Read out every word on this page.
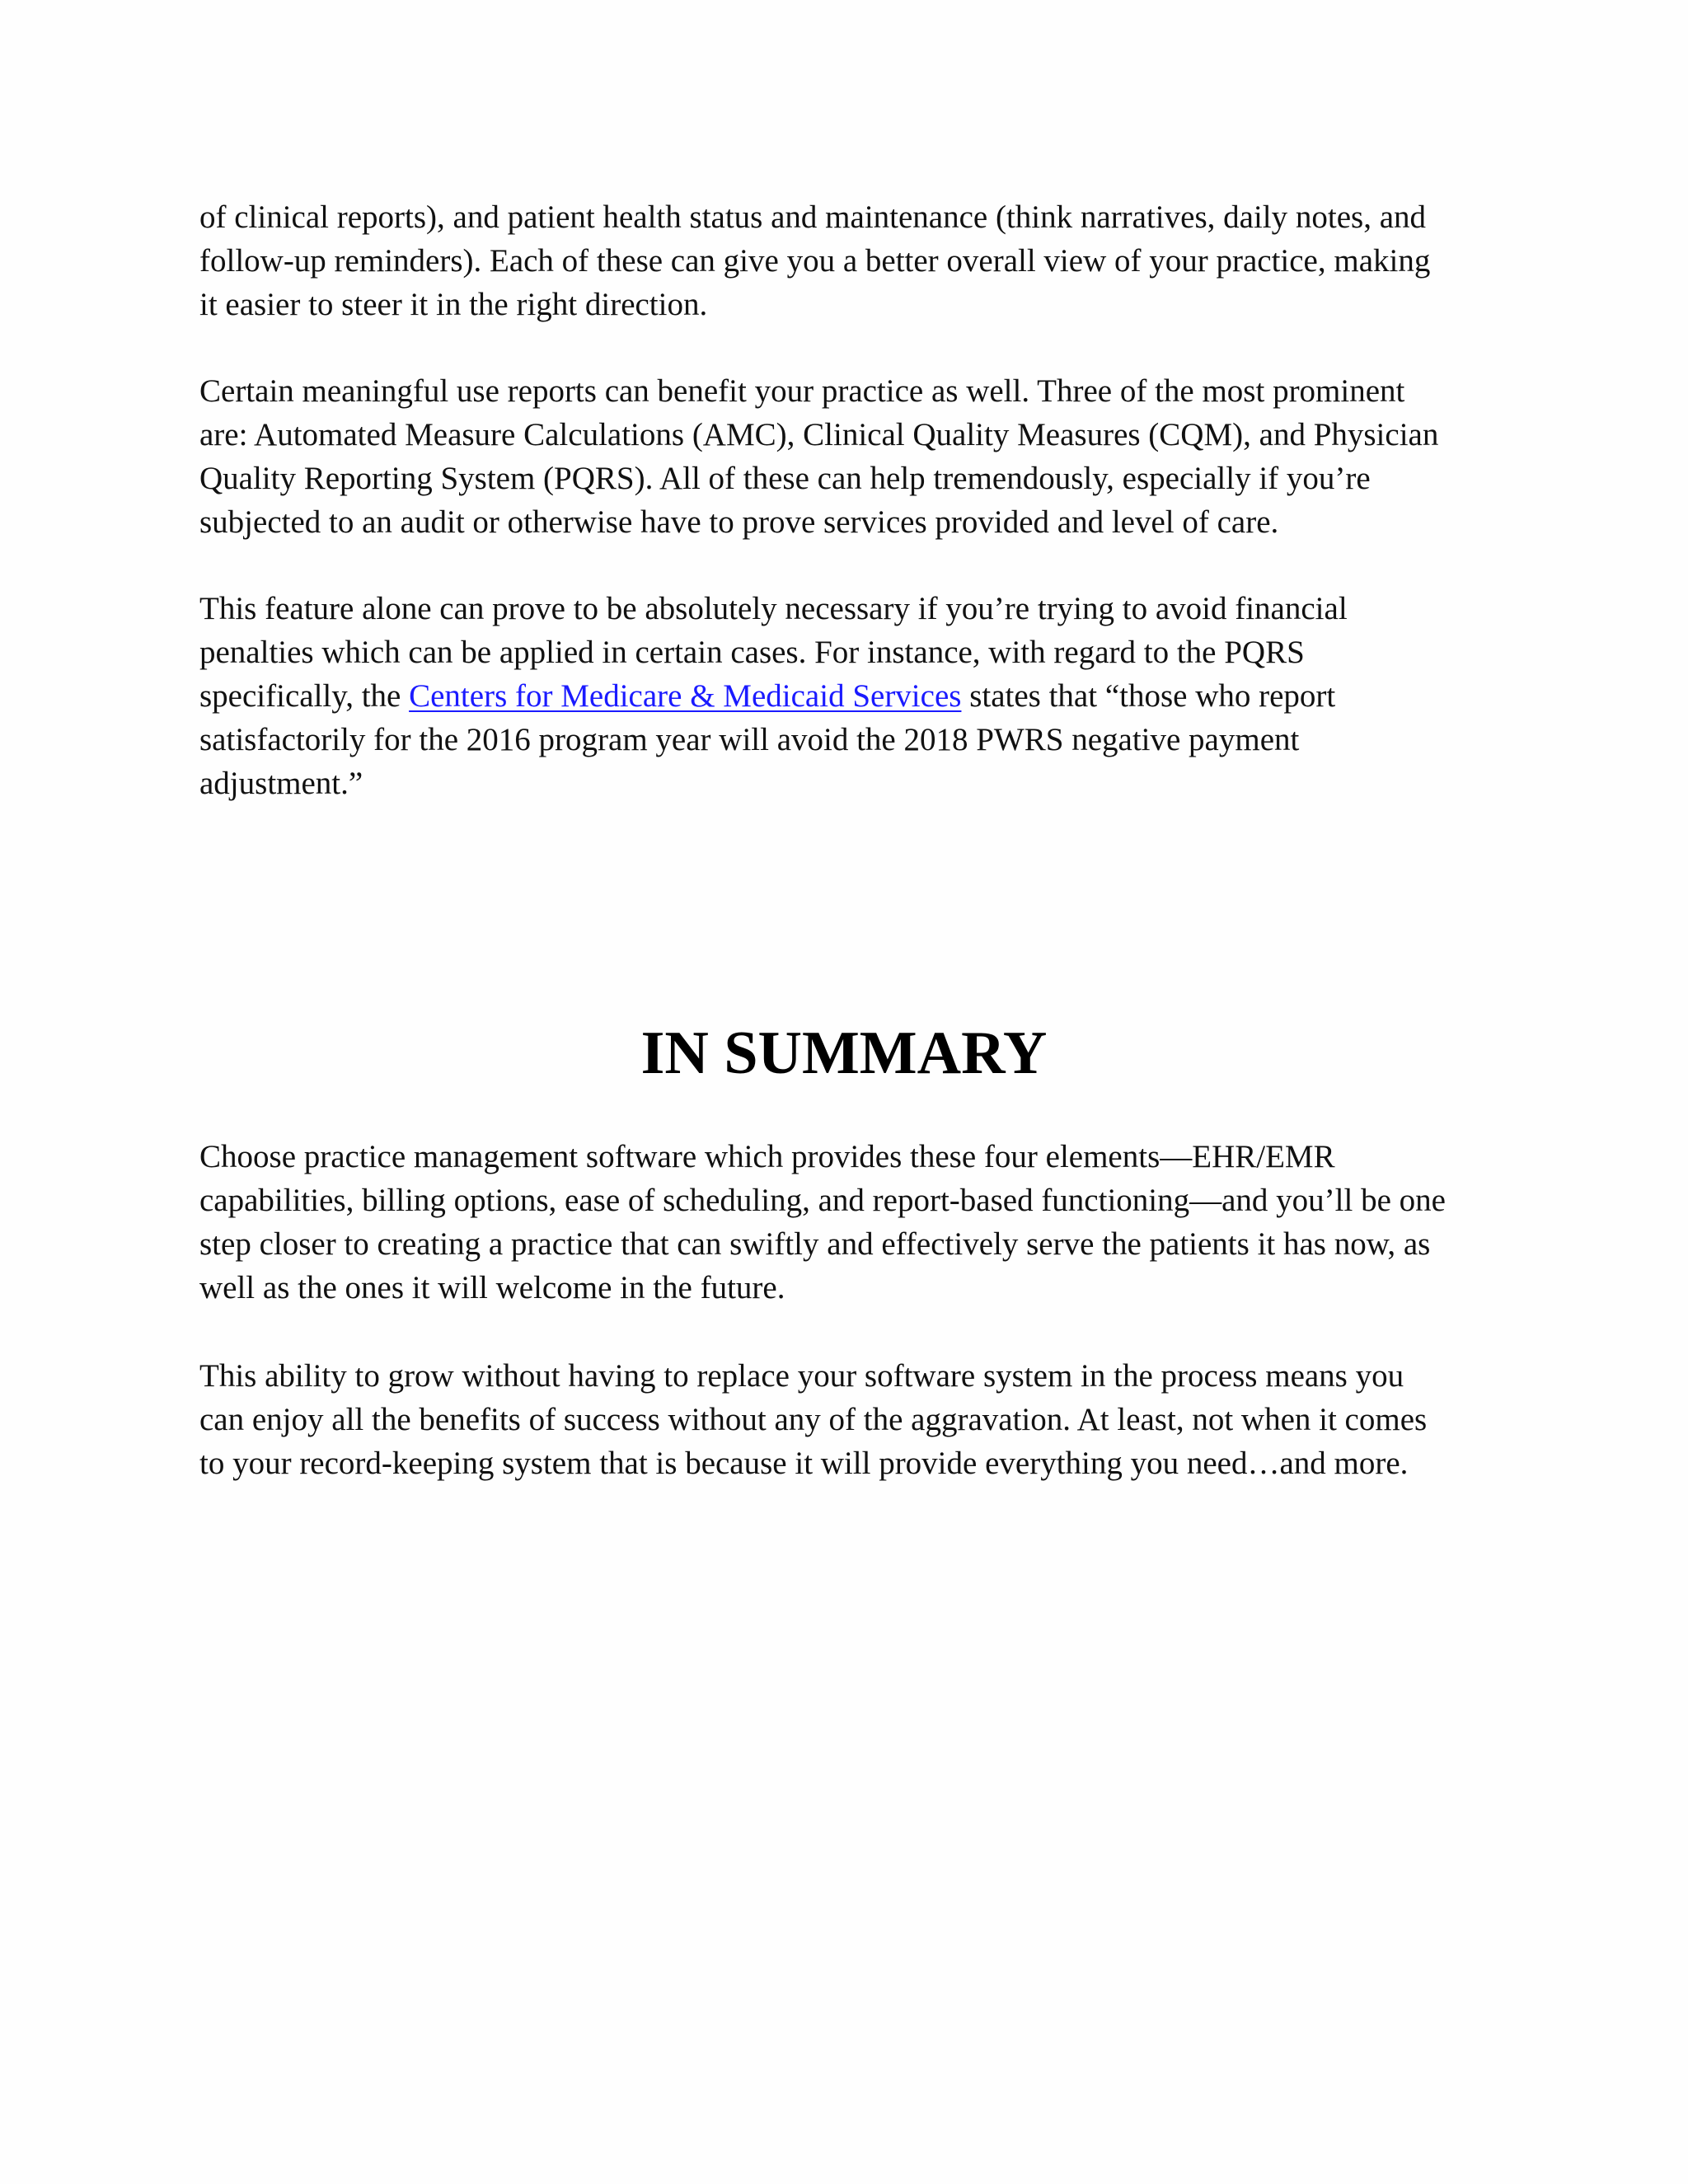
of clinical reports), and patient health status and maintenance (think narratives, daily notes, and
follow-up reminders). Each of these can give you a better overall view of your practice, making
it easier to steer it in the right direction.

Certain meaningful use reports can benefit your practice as well. Three of the most prominent
are: Automated Measure Calculations (AMC), Clinical Quality Measures (CQM), and Physician
Quality Reporting System (PQRS). All of these can help tremendously, especially if you’re
subjected to an audit or otherwise have to prove services provided and level of care.

This feature alone can prove to be absolutely necessary if you’re trying to avoid financial
penalties which can be applied in certain cases. For instance, with regard to the PQRS
specifically, the Centers for Medicare & Medicaid Services states that “those who report
satisfactorily for the 2016 program year will avoid the 2018 PWRS negative payment
adjustment.”

IN SUMMARY

Choose practice management software which provides these four elements—EHR/EMR
capabilities, billing options, ease of scheduling, and report-based functioning—and you’ll be one
step closer to creating a practice that can swiftly and effectively serve the patients it has now, as
well as the ones it will welcome in the future.

This ability to grow without having to replace your software system in the process means you
can enjoy all the benefits of success without any of the aggravation. At least, not when it comes
to your record-keeping system that is because it will provide everything you need…and more.
